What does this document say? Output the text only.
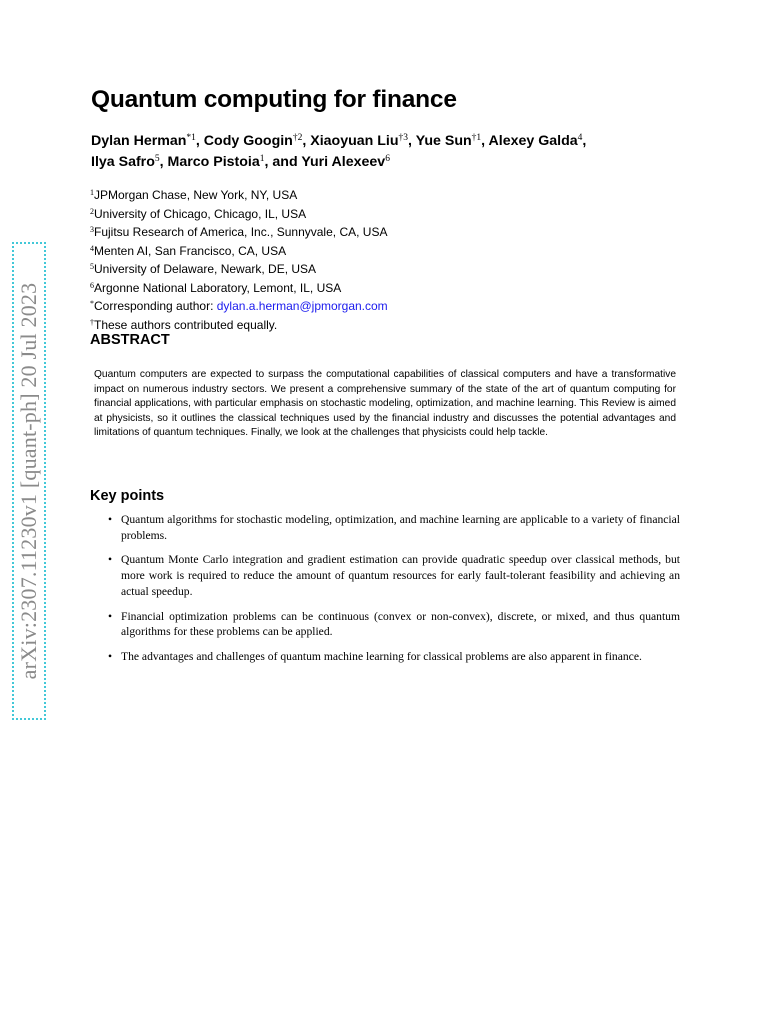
arXiv:2307.11230v1 [quant-ph] 20 Jul 2023
Quantum computing for finance
Dylan Herman$^{*1}$, Cody Googin$^{\dagger 2}$, Xiaoyuan Liu$^{\dagger 3}$, Yue Sun$^{\dagger 1}$, Alexey Galda$^4$,
Ilya Safro$^5$, Marco Pistoia$^1$, and Yuri Alexeev$^6$
$^1$JPMorgan Chase, New York, NY, USA
$^2$University of Chicago, Chicago, IL, USA
$^3$Fujitsu Research of America, Inc., Sunnyvale, CA, USA
$^4$Menten AI, San Francisco, CA, USA
$^5$University of Delaware, Newark, DE, USA
$^6$Argonne National Laboratory, Lemont, IL, USA
*Corresponding author: dylan.a.herman@jpmorgan.com
†These authors contributed equally.
ABSTRACT

Quantum computers are expected to surpass the computational capabilities of classical computers and have a transformative impact on numerous industry sectors. We present a comprehensive summary of the state of the art of quantum computing for financial applications, with particular emphasis on stochastic modeling, optimization, and machine learning. This Review is aimed at physicists, so it outlines the classical techniques used by the financial industry and discusses the potential advantages and limitations of quantum techniques. Finally, we look at the challenges that physicists could help tackle.

Key points
• Quantum algorithms for stochastic modeling, optimization, and machine learning are applicable to a variety of financial problems.
• Quantum Monte Carlo integration and gradient estimation can provide quadratic speedup over classical methods, but more work is required to reduce the amount of quantum resources for early fault-tolerant feasibility and achieving an actual speedup.
• Financial optimization problems can be continuous (convex or non-convex), discrete, or mixed, and thus quantum algorithms for these problems can be applied.
• The advantages and challenges of quantum machine learning for classical problems are also apparent in finance.
